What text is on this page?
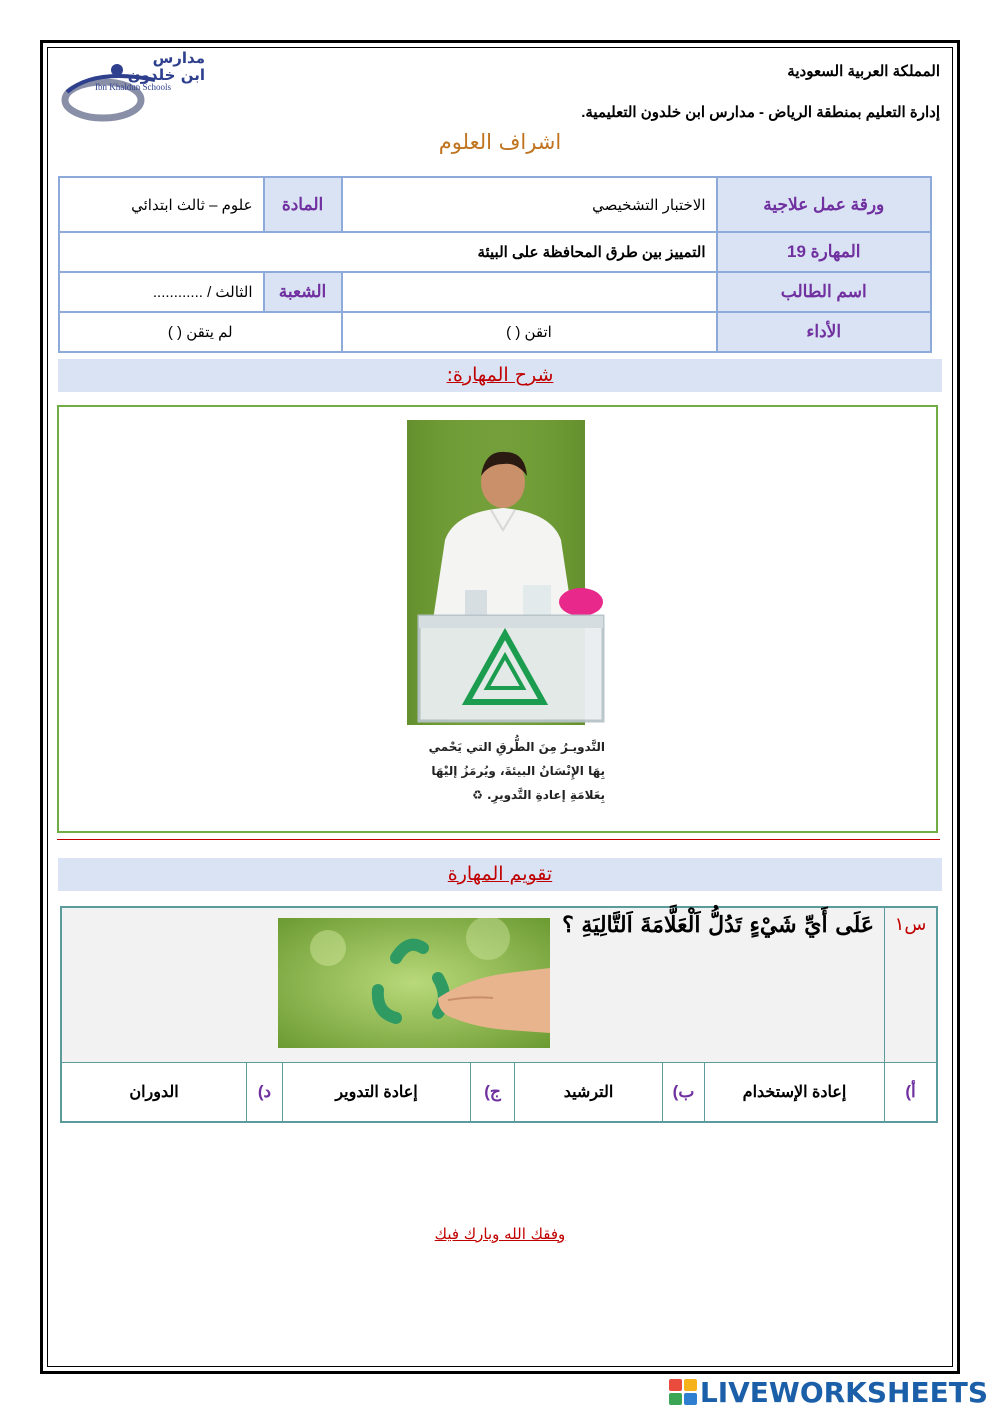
مدارس
ابن خلدون
Ibn Khaldun Schools
المملكة العربية السعودية
إدارة التعليم بمنطقة الرياض - مدارس ابن خلدون التعليمية.
اشراف العلوم
ورقة عمل علاجية	الاختبار التشخيصي	المادة	علوم – ثالث ابتدائي
المهارة 19	التمييز بين طرق المحافظة على البيئة		
اسم الطالب		الشعبة	الثالث / ............
الأداء	اتقن ( )	لم يتقن ( )	
شرح المهارة:
التَّدويـرُ مِنَ الطُّرقِ التي يَحْمي
بِهَا الإِنْسَانُ البيئةَ، ويُرمَزُ إليْهَا
بِعَلامَةِ إعادةِ التَّدويرِ. ♻
تقويم المهارة
س١
عَلَى أَيِّ شَيْءٍ تَدُلُّ اَلْعَلَّامَةَ اَلتَّالِيَةِ ؟
أ)
إعادة الإستخدام
ب)
الترشيد
ج)
إعادة التدوير
د)
الدوران
وفقك الله وبارك فيك
LIVEWORKSHEETS
